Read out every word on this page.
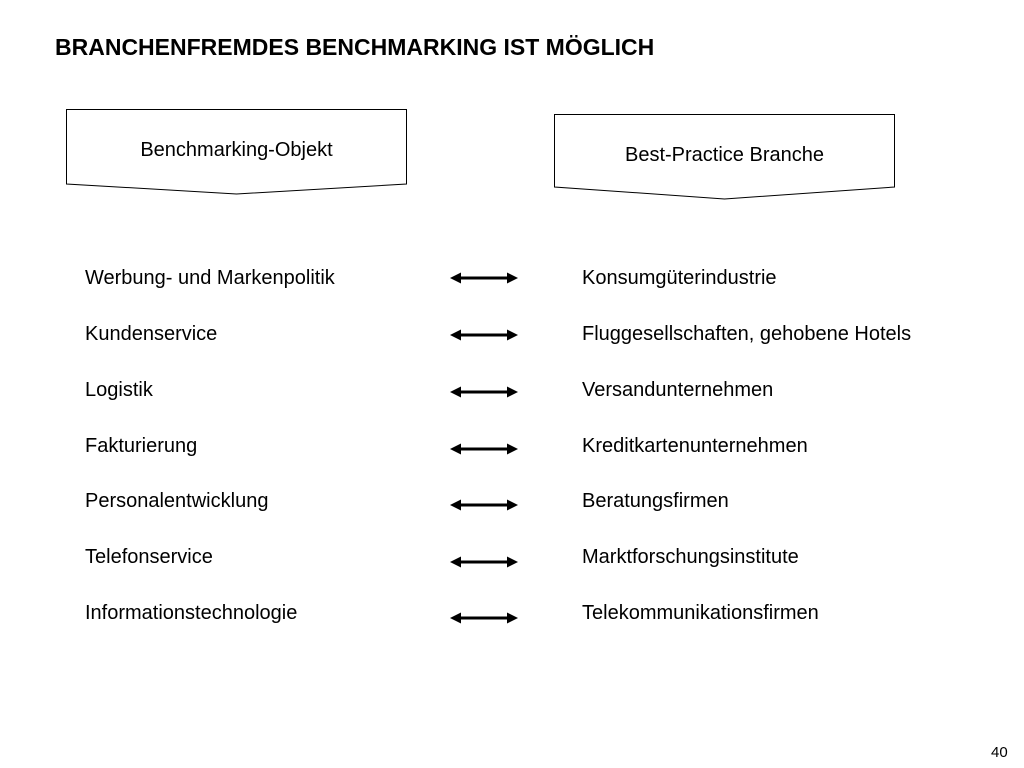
BRANCHENFREMDES BENCHMARKING IST MÖGLICH
Benchmarking-Objekt	Best-Practice Branche
Werbung- und Markenpolitik	Konsumgüterindustrie
Kundenservice	Fluggesellschaften, gehobene Hotels
Logistik	Versandunternehmen
Fakturierung	Kreditkartenunternehmen
Personalentwicklung	Beratungsfirmen
Telefonservice	Marktforschungsinstitute
Informationstechnologie	Telekommunikationsfirmen
40
